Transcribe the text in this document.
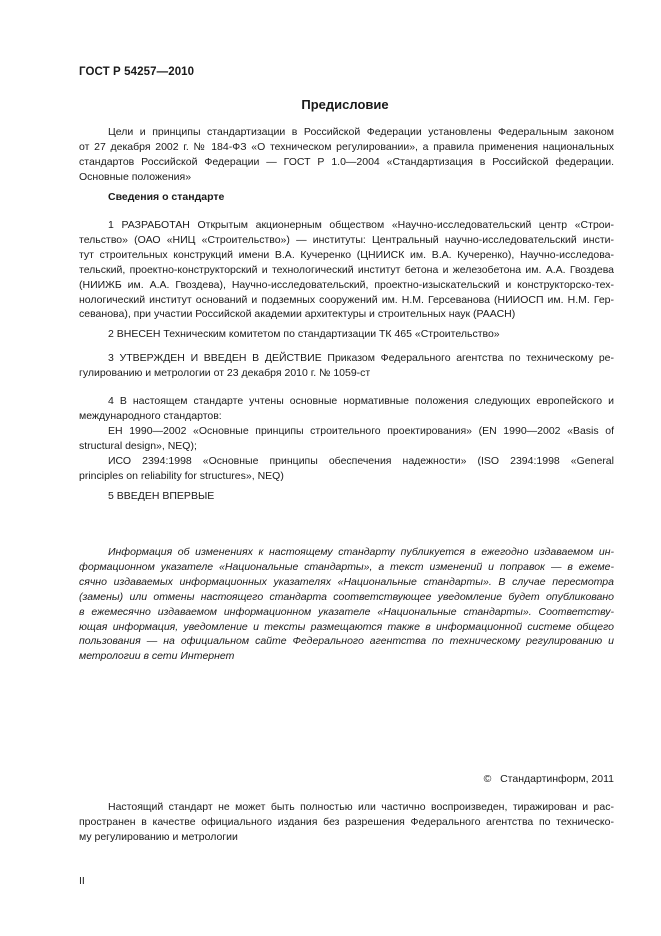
ГОСТ Р 54257—2010
Предисловие
Цели и принципы стандартизации в Российской Федерации установлены Федеральным законом
от 27 декабря 2002 г. № 184-ФЗ «О техническом регулировании», а правила применения национальных
стандартов Российской Федерации — ГОСТ Р 1.0—2004 «Стандартизация в Российской федерации.
Основные положения»
Сведения о стандарте
1 РАЗРАБОТАН Открытым акционерным обществом «Научно-исследовательский центр «Строи-
тельство» (ОАО «НИЦ «Строительство») — институты: Центральный научно-исследовательский инсти-
тут строительных конструкций имени В.А. Кучеренко (ЦНИИСК им. В.А. Кучеренко), Научно-исследова-
тельский, проектно-конструкторский и технологический институт бетона и железобетона им. А.А. Гвоздева
(НИИЖБ им. А.А. Гвоздева), Научно-исследовательский, проектно-изыскательский и конструкторско-тех-
нологический институт оснований и подземных сооружений им. Н.М. Герсеванова (НИИОСП им. Н.М. Гер-
севанова), при участии Российской академии архитектуры и строительных наук (РААСН)
2 ВНЕСЕН Техническим комитетом по стандартизации ТК 465 «Строительство»
3 УТВЕРЖДЕН И ВВЕДЕН В ДЕЙСТВИЕ Приказом Федерального агентства по техническому ре-
гулированию и метрологии от 23 декабря 2010 г. № 1059-ст
4 В настоящем стандарте учтены основные нормативные положения следующих европейского и
международного стандартов:
ЕН 1990—2002 «Основные принципы строительного проектирования» (EN 1990—2002 «Basis of
structural design», NEQ);
ИСО 2394:1998 «Основные принципы обеспечения надежности» (ISO 2394:1998 «General
principles on reliability for structures», NEQ)
5 ВВЕДЕН ВПЕРВЫЕ
Информация об изменениях к настоящему стандарту публикуется в ежегодно издаваемом ин-
формационном указателе «Национальные стандарты», а текст изменений и поправок — в ежеме-
сячно издаваемых информационных указателях «Национальные стандарты». В случае пересмотра
(замены) или отмены настоящего стандарта соответствующее уведомление будет опубликовано
в ежемесячно издаваемом информационном указателе «Национальные стандарты». Соответству-
ющая информация, уведомление и тексты размещаются также в информационной системе общего
пользования — на официальном сайте Федерального агентства по техническому регулированию и
метрологии в сети Интернет
©   Стандартинформ, 2011
Настоящий стандарт не может быть полностью или частично воспроизведен, тиражирован и рас-
пространен в качестве официального издания без разрешения Федерального агентства по техническо-
му регулированию и метрологии
II
